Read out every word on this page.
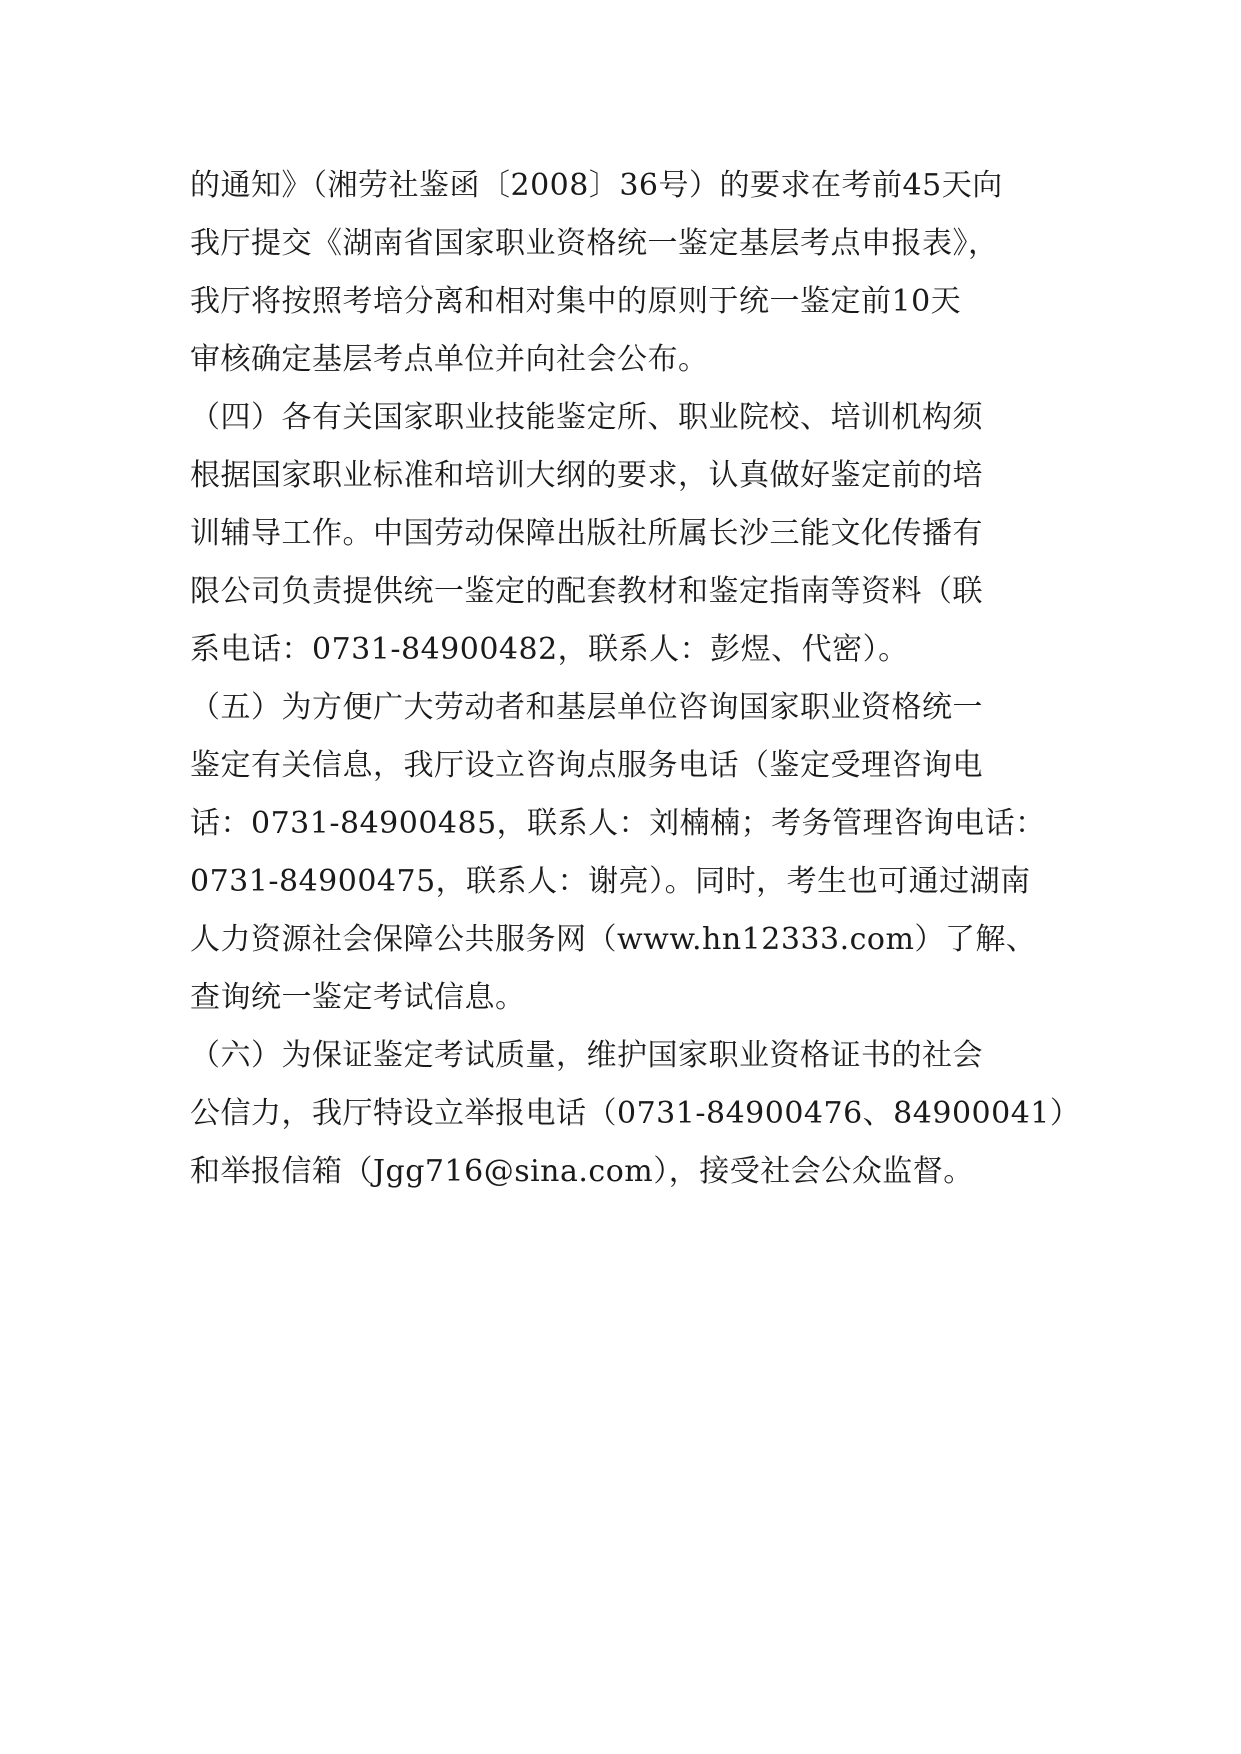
的通知》（湘劳社鉴函〔2008〕36号）的要求在考前45天向
我厅提交《湖南省国家职业资格统一鉴定基层考点申报表》，
我厅将按照考培分离和相对集中的原则于统一鉴定前10天
审核确定基层考点单位并向社会公布。
（四）各有关国家职业技能鉴定所、职业院校、培训机构须
根据国家职业标准和培训大纲的要求，认真做好鉴定前的培
训辅导工作。中国劳动保障出版社所属长沙三能文化传播有
限公司负责提供统一鉴定的配套教材和鉴定指南等资料（联
系电话：0731-84900482，联系人：彭煜、代密）。
（五）为方便广大劳动者和基层单位咨询国家职业资格统一
鉴定有关信息，我厅设立咨询点服务电话（鉴定受理咨询电
话：0731-84900485，联系人：刘楠楠；考务管理咨询电话：
0731-84900475，联系人：谢亮）。同时，考生也可通过湖南
人力资源社会保障公共服务网（www.hn12333.com）了解、
查询统一鉴定考试信息。
（六）为保证鉴定考试质量，维护国家职业资格证书的社会
公信力，我厅特设立举报电话（0731-84900476、84900041）
和举报信箱（Jgg716@sina.com），接受社会公众监督。
